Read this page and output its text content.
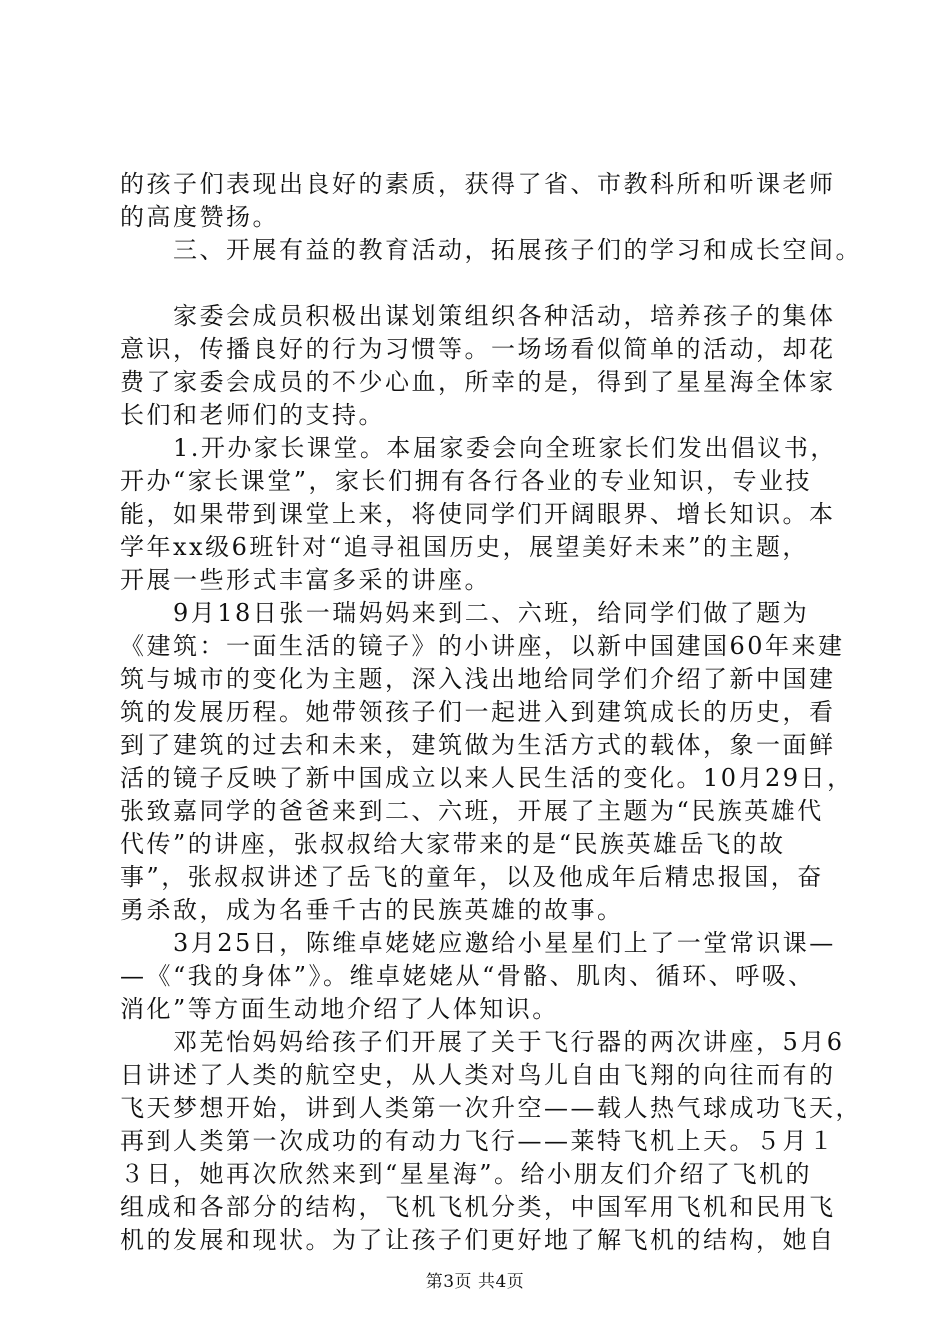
的孩子们表现出良好的素质，获得了省、市教科所和听课老师
的高度赞扬。
　　三、开展有益的教育活动，拓展孩子们的学习和成长空间。
　　家委会成员积极出谋划策组织各种活动，培养孩子的集体
意识，传播良好的行为习惯等。一场场看似简单的活动，却花
费了家委会成员的不少心血，所幸的是，得到了星星海全体家
长们和老师们的支持。
　　1.开办家长课堂。本届家委会向全班家长们发出倡议书，
开办“家长课堂”，家长们拥有各行各业的专业知识，专业技
能，如果带到课堂上来，将使同学们开阔眼界、增长知识。本
学年xx级6班针对“追寻祖国历史，展望美好未来”的主题，
开展一些形式丰富多采的讲座。
　　9月18日张一瑞妈妈来到二、六班，给同学们做了题为
《建筑：一面生活的镜子》的小讲座，以新中国建国60年来建
筑与城市的变化为主题，深入浅出地给同学们介绍了新中国建
筑的发展历程。她带领孩子们一起进入到建筑成长的历史，看
到了建筑的过去和未来，建筑做为生活方式的载体，象一面鲜
活的镜子反映了新中国成立以来人民生活的变化。10月29日，
张致嘉同学的爸爸来到二、六班，开展了主题为“民族英雄代
代传”的讲座，张叔叔给大家带来的是“民族英雄岳飞的故
事”，张叔叔讲述了岳飞的童年，以及他成年后精忠报国，奋
勇杀敌，成为名垂千古的民族英雄的故事。
　　3月25日，陈维卓姥姥应邀给小星星们上了一堂常识课—
—《“我的身体”》。维卓姥姥从“骨骼、肌肉、循环、呼吸、
消化”等方面生动地介绍了人体知识。
　　邓芜怡妈妈给孩子们开展了关于飞行器的两次讲座，5月6
日讲述了人类的航空史，从人类对鸟儿自由飞翔的向往而有的
飞天梦想开始，讲到人类第一次升空——载人热气球成功飞天，
再到人类第一次成功的有动力飞行——莱特飞机上天。５月１
３日，她再次欣然来到“星星海”。给小朋友们介绍了飞机的
组成和各部分的结构，飞机飞机分类，中国军用飞机和民用飞
机的发展和现状。为了让孩子们更好地了解飞机的结构，她自
第3页 共4页
